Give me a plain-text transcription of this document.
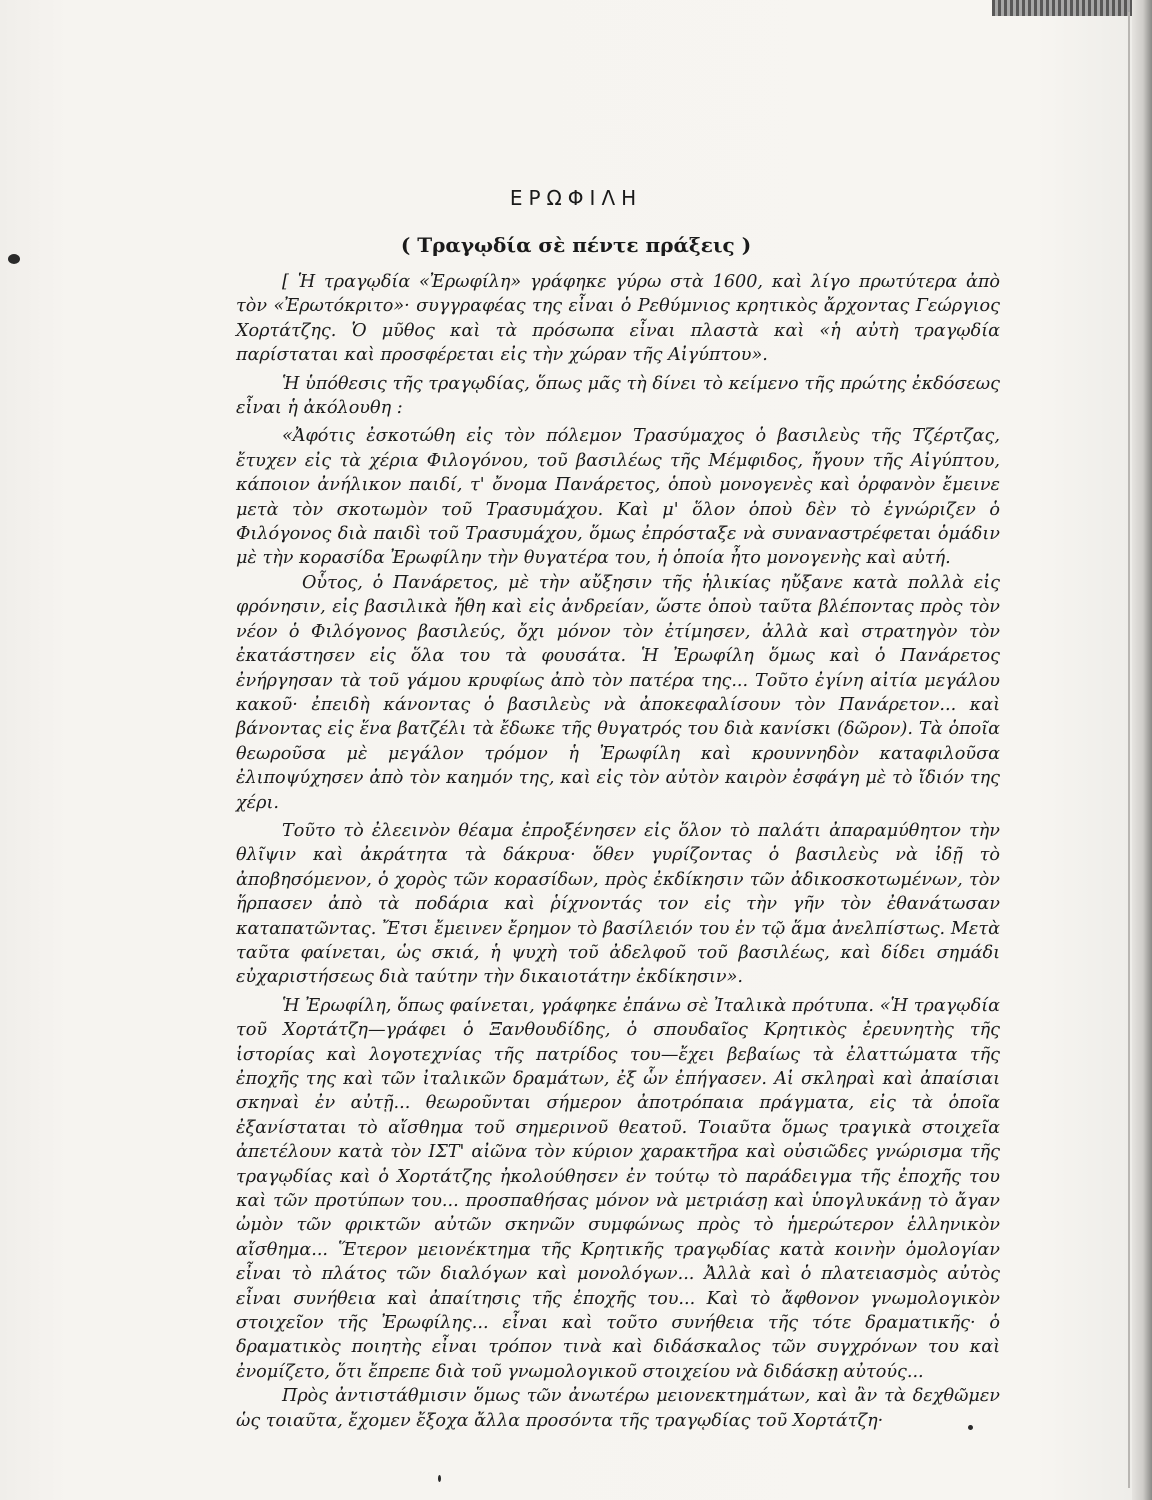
ΕΡΩΦΙΛΗ
( Τραγῳδία σὲ πέντε πράξεις )

[ Ἡ τραγῳδία «Ἐρωφίλη» γράφηκε γύρω στὰ 1600, καὶ λίγο πρωτύτερα ἀπὸ τὸν «Ἐρωτόκριτο»· συγγραφέας της εἶναι ὁ Ρεθύμνιος κρητικὸς ἄρχοντας Γεώργιος Χορτάτζης. Ὁ μῦθος καὶ τὰ πρόσωπα εἶναι πλαστὰ καὶ «ἡ αὐτὴ τραγῳδία παρίσταται καὶ προσφέρεται εἰς τὴν χώραν τῆς Αἰγύπτου».

Ἡ ὑπόθεσις τῆς τραγῳδίας, ὅπως μᾶς τὴ δίνει τὸ κείμενο τῆς πρώτης ἐκδόσεως εἶναι ἡ ἀκόλουθη :

«Ἀφότις ἐσκοτώθη εἰς τὸν πόλεμον Τρασύμαχος ὁ βασιλεὺς τῆς Τζέρτζας, ἔτυχεν εἰς τὰ χέρια Φιλογόνου, τοῦ βασιλέως τῆς Μέμφιδος, ἤγουν τῆς Αἰγύπτου, κάποιον ἀνήλικον παιδί, τ' ὄνομα Πανάρετος, ὁποὺ μονογενὲς καὶ ὀρφανὸν ἔμεινε μετὰ τὸν σκοτωμὸν τοῦ Τρασυμάχου. Καὶ μ' ὅλον ὁποὺ δὲν τὸ ἐγνώριζεν ὁ Φιλόγονος διὰ παιδὶ τοῦ Τρασυμάχου, ὅμως ἐπρόσταξε νὰ συναναστρέφεται ὁμάδιν μὲ τὴν κορασίδα Ἐρωφίλην τὴν θυγατέρα του, ἡ ὁποία ἦτο μονογενὴς καὶ αὐτή.

Οὗτος, ὁ Πανάρετος, μὲ τὴν αὔξησιν τῆς ἡλικίας ηὔξανε κατὰ πολλὰ εἰς φρόνησιν, εἰς βασιλικὰ ἤθη καὶ εἰς ἀνδρείαν, ὥστε ὁποὺ ταῦτα βλέποντας πρὸς τὸν νέον ὁ Φιλόγονος βασιλεύς, ὄχι μόνον τὸν ἐτίμησεν, ἀλλὰ καὶ στρατηγὸν τὸν ἐκατάστησεν εἰς ὅλα του τὰ φουσάτα. Ἡ Ἐρωφίλη ὅμως καὶ ὁ Πανάρετος ἐνήργησαν τὰ τοῦ γάμου κρυφίως ἀπὸ τὸν πατέρα της... Τοῦτο ἐγίνη αἰτία μεγάλου κακοῦ· ἐπειδὴ κάνοντας ὁ βασιλεὺς νὰ ἀποκεφαλίσουν τὸν Πανάρετον... καὶ βάνοντας εἰς ἕνα βατζέλι τὰ ἔδωκε τῆς θυγατρός του διὰ κανίσκι (δῶρον). Τὰ ὁποῖα θεωροῦσα μὲ μεγάλον τρόμον ἡ Ἐρωφίλη καὶ κρουννηδὸν καταφιλοῦσα ἐλιποψύχησεν ἀπὸ τὸν καημόν της, καὶ εἰς τὸν αὐτὸν καιρὸν ἐσφάγη μὲ τὸ ἴδιόν της χέρι.

Τοῦτο τὸ ἐλεεινὸν θέαμα ἐπροξένησεν εἰς ὅλον τὸ παλάτι ἀπαραμύθητον τὴν θλῖψιν καὶ ἀκράτητα τὰ δάκρυα· ὅθεν γυρίζοντας ὁ βασιλεὺς νὰ ἰδῇ τὸ ἀποβησόμενον, ὁ χορὸς τῶν κορασίδων, πρὸς ἐκδίκησιν τῶν ἀδικοσκοτωμένων, τὸν ἥρπασεν ἀπὸ τὰ ποδάρια καὶ ῥίχνοντάς τον εἰς τὴν γῆν τὸν ἐθανάτωσαν καταπατῶντας. Ἔτσι ἔμεινεν ἔρημον τὸ βασίλειόν του ἐν τῷ ἅμα ἀνελπίστως. Μετὰ ταῦτα φαίνεται, ὡς σκιά, ἡ ψυχὴ τοῦ ἀδελφοῦ τοῦ βασιλέως, καὶ δίδει σημάδι εὐχαριστήσεως διὰ ταύτην τὴν δικαιοτάτην ἐκδίκησιν».

Ἡ Ἐρωφίλη, ὅπως φαίνεται, γράφηκε ἐπάνω σὲ Ἰταλικὰ πρότυπα. «Ἡ τραγῳδία τοῦ Χορτάτζη—γράφει ὁ Ξανθουδίδης, ὁ σπουδαῖος Κρητικὸς ἐρευνητὴς τῆς ἱστορίας καὶ λογοτεχνίας τῆς πατρίδος του—ἔχει βεβαίως τὰ ἐλαττώματα τῆς ἐποχῆς της καὶ τῶν ἰταλικῶν δραμάτων, ἐξ ὧν ἐπήγασεν. Αἱ σκληραὶ καὶ ἀπαίσιαι σκηναὶ ἐν αὐτῇ... θεωροῦνται σήμερον ἀποτρόπαια πράγματα, εἰς τὰ ὁποῖα ἐξανίσταται τὸ αἴσθημα τοῦ σημερινοῦ θεατοῦ. Τοιαῦτα ὅμως τραγικὰ στοιχεῖα ἀπετέλουν κατὰ τὸν ΙΣΤ' αἰῶνα τὸν κύριον χαρακτῆρα καὶ οὐσιῶδες γνώρισμα τῆς τραγῳδίας καὶ ὁ Χορτάτζης ἠκολούθησεν ἐν τούτῳ τὸ παράδειγμα τῆς ἐποχῆς του καὶ τῶν προτύπων του... προσπαθήσας μόνον νὰ μετριάσῃ καὶ ὑπογλυκάνῃ τὸ ἄγαν ὠμὸν τῶν φρικτῶν αὐτῶν σκηνῶν συμφώνως πρὸς τὸ ἡμερώτερον ἑλληνικὸν αἴσθημα... Ἕτερον μειονέκτημα τῆς Κρητικῆς τραγῳδίας κατὰ κοινὴν ὁμολογίαν εἶναι τὸ πλάτος τῶν διαλόγων καὶ μονολόγων... Ἀλλὰ καὶ ὁ πλατειασμὸς αὐτὸς εἶναι συνήθεια καὶ ἀπαίτησις τῆς ἐποχῆς του... Καὶ τὸ ἄφθονον γνωμολογικὸν στοιχεῖον τῆς Ἐρωφίλης... εἶναι καὶ τοῦτο συνήθεια τῆς τότε δραματικῆς· ὁ δραματικὸς ποιητὴς εἶναι τρόπον τινὰ καὶ διδάσκαλος τῶν συγχρόνων του καὶ ἐνομίζετο, ὅτι ἔπρεπε διὰ τοῦ γνωμολογικοῦ στοιχείου νὰ διδάσκῃ αὐτούς...

Πρὸς ἀντιστάθμισιν ὅμως τῶν ἀνωτέρω μειονεκτημάτων, καὶ ἂν τὰ δεχθῶμεν ὡς τοιαῦτα, ἔχομεν ἔξοχα ἄλλα προσόντα τῆς τραγῳδίας τοῦ Χορτάτζη·
